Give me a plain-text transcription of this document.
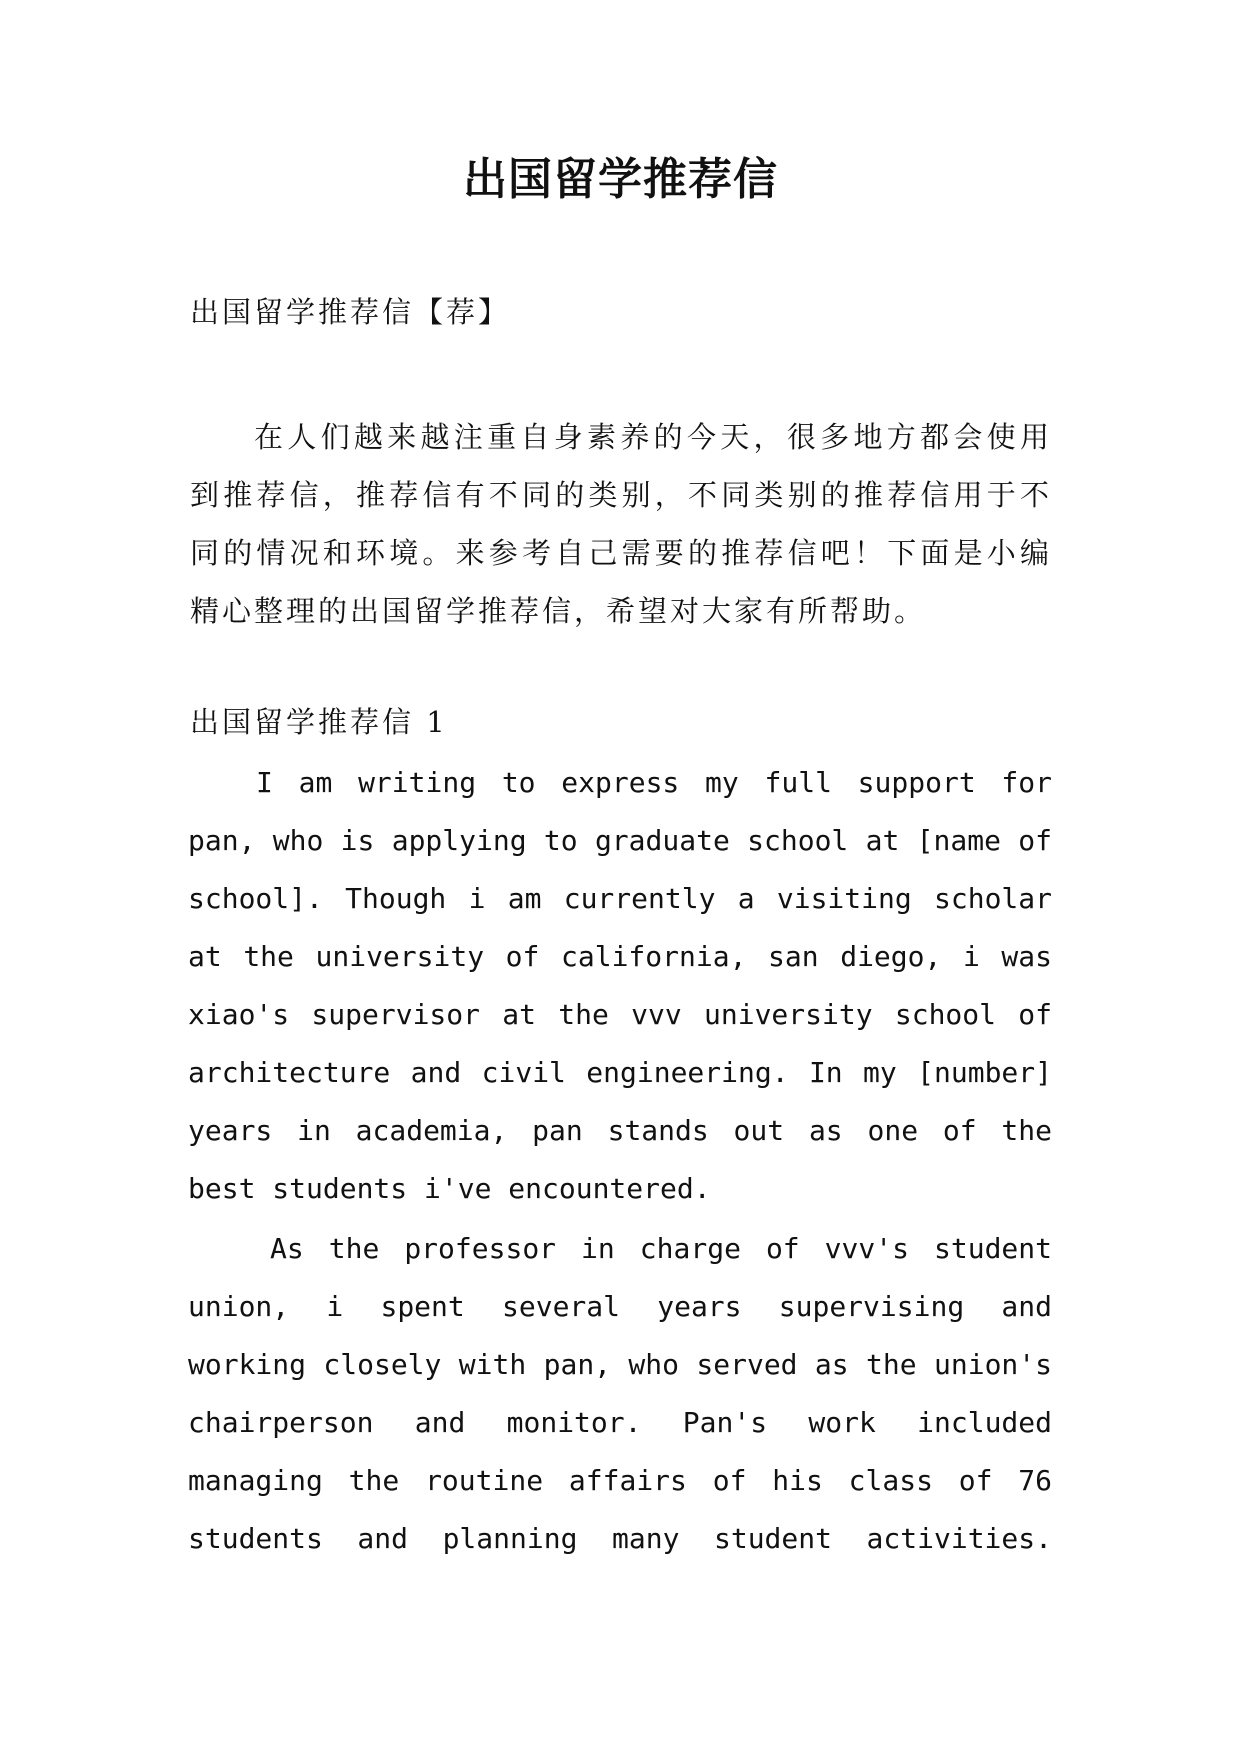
出国留学推荐信
出国留学推荐信【荐】

在人们越来越注重自身素养的今天，很多地方都会使用到推荐信，推荐信有不同的类别，不同类别的推荐信用于不同的情况和环境。来参考自己需要的推荐信吧！下面是小编精心整理的出国留学推荐信，希望对大家有所帮助。

出国留学推荐信 1

I am writing to express my full support for pan, who is applying to graduate school at [name of school]. Though i am currently a visiting scholar at the university of california, san diego, i was xiao's supervisor at the vvv university school of architecture and civil engineering. In my [number] years in academia, pan stands out as one of the best students i've encountered.

As the professor in charge of vvv's student union, i spent several years supervising and working closely with pan, who served as the union's chairperson and monitor. Pan's work included managing the routine affairs of his class of 76 students and planning many student activities.
